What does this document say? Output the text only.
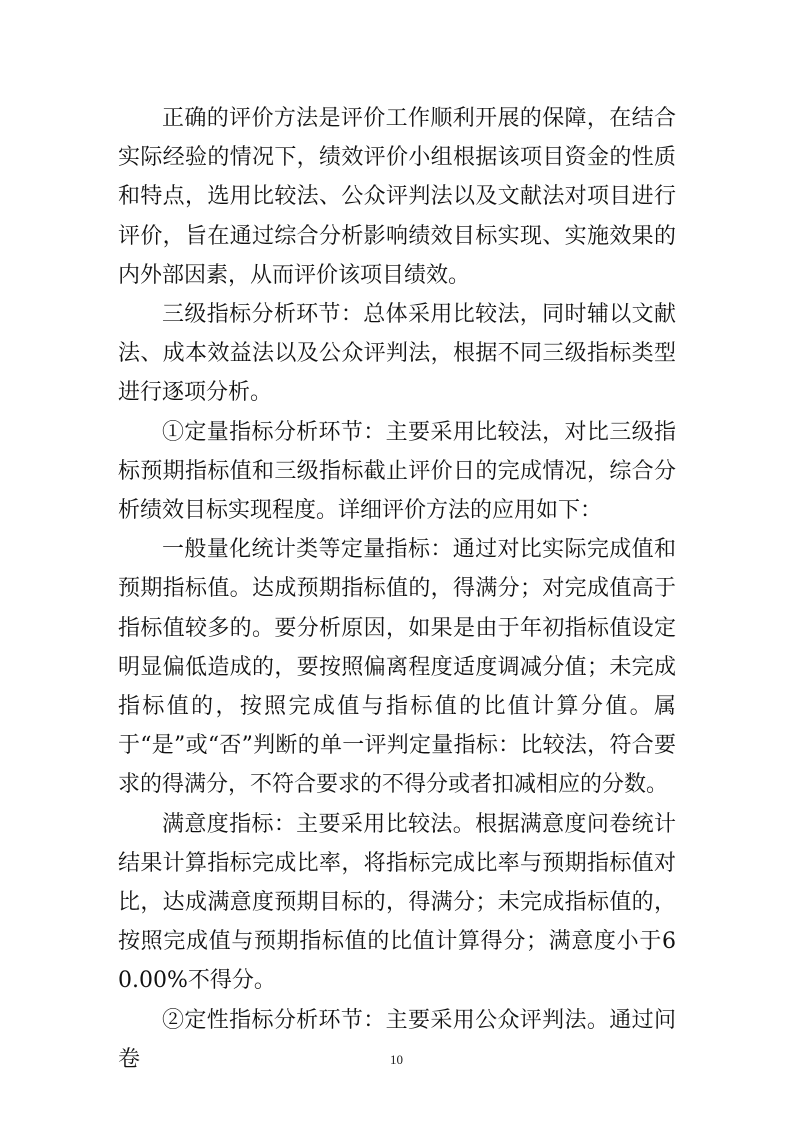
正确的评价方法是评价工作顺利开展的保障，在结合实际经验的情况下，绩效评价小组根据该项目资金的性质和特点，选用比较法、公众评判法以及文献法对项目进行评价，旨在通过综合分析影响绩效目标实现、实施效果的内外部因素，从而评价该项目绩效。

三级指标分析环节：总体采用比较法，同时辅以文献法、成本效益法以及公众评判法，根据不同三级指标类型进行逐项分析。

①定量指标分析环节：主要采用比较法，对比三级指标预期指标值和三级指标截止评价日的完成情况，综合分析绩效目标实现程度。详细评价方法的应用如下：

一般量化统计类等定量指标：通过对比实际完成值和预期指标值。达成预期指标值的，得满分；对完成值高于指标值较多的。要分析原因，如果是由于年初指标值设定明显偏低造成的，要按照偏离程度适度调减分值；未完成指标值的，按照完成值与指标值的比值计算分值。属于“是”或“否”判断的单一评判定量指标：比较法，符合要求的得满分，不符合要求的不得分或者扣减相应的分数。

满意度指标：主要采用比较法。根据满意度问卷统计结果计算指标完成比率，将指标完成比率与预期指标值对比，达成满意度预期目标的，得满分；未完成指标值的，按照完成值与预期指标值的比值计算得分；满意度小于60.00%不得分。

②定性指标分析环节：主要采用公众评判法。通过问卷	10
